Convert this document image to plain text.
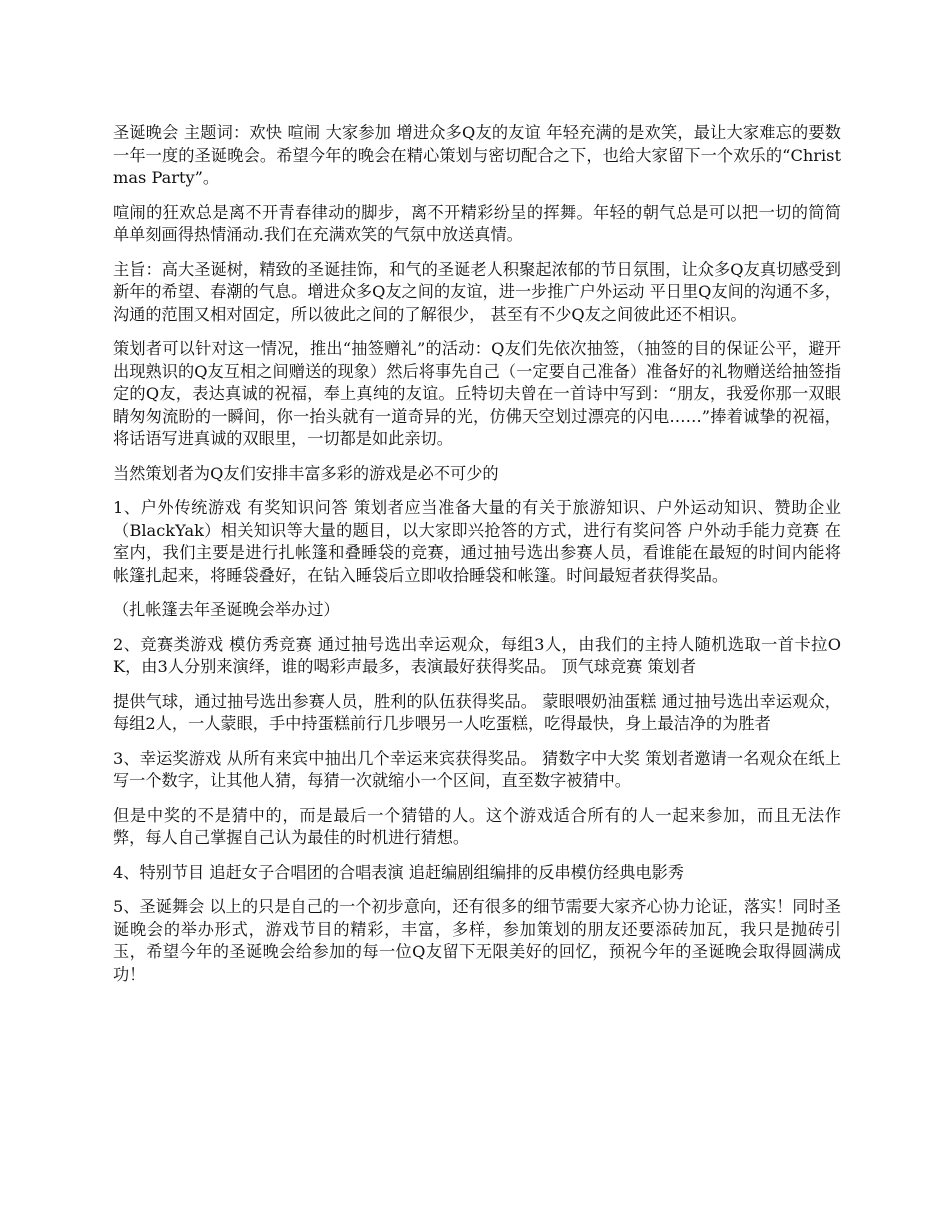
圣诞晚会 主题词：欢快 喧闹 大家参加 增进众多Q友的友谊 年轻充满的是欢笑，最让大家难忘的要数一年一度的圣诞晚会。希望今年的晚会在精心策划与密切配合之下，也给大家留下一个欢乐的“Christmas Party”。

喧闹的狂欢总是离不开青春律动的脚步，离不开精彩纷呈的挥舞。年轻的朝气总是可以把一切的简简单单刻画得热情涌动.我们在充满欢笑的气氛中放送真情。

主旨：高大圣诞树，精致的圣诞挂饰，和气的圣诞老人积聚起浓郁的节日氛围，让众多Q友真切感受到新年的希望、春潮的气息。增进众多Q友之间的友谊，进一步推广户外运动 平日里Q友间的沟通不多，沟通的范围又相对固定，所以彼此之间的了解很少， 甚至有不少Q友之间彼此还不相识。

策划者可以针对这一情况，推出“抽签赠礼”的活动：Q友们先依次抽签，（抽签的目的保证公平，避开出现熟识的Q友互相之间赠送的现象）然后将事先自己（一定要自己准备）准备好的礼物赠送给抽签指定的Q友，表达真诚的祝福，奉上真纯的友谊。丘特切夫曾在一首诗中写到：“朋友，我爱你那一双眼睛匆匆流盼的一瞬间，你一抬头就有一道奇异的光，仿佛天空划过漂亮的闪电……”捧着诚挚的祝福，将话语写进真诚的双眼里，一切都是如此亲切。

当然策划者为Q友们安排丰富多彩的游戏是必不可少的

1、户外传统游戏 有奖知识问答 策划者应当准备大量的有关于旅游知识、户外运动知识、赞助企业（BlackYak）相关知识等大量的题目，以大家即兴抢答的方式，进行有奖问答 户外动手能力竞赛 在室内，我们主要是进行扎帐篷和叠睡袋的竞赛，通过抽号选出参赛人员，看谁能在最短的时间内能将帐篷扎起来，将睡袋叠好，在钻入睡袋后立即收拾睡袋和帐篷。时间最短者获得奖品。

（扎帐篷去年圣诞晚会举办过）

2、竞赛类游戏 模仿秀竞赛 通过抽号选出幸运观众，每组3人，由我们的主持人随机选取一首卡拉OK，由3人分别来演绎，谁的喝彩声最多，表演最好获得奖品。 顶气球竞赛 策划者

提供气球，通过抽号选出参赛人员，胜利的队伍获得奖品。 蒙眼喂奶油蛋糕 通过抽号选出幸运观众，每组2人，一人蒙眼，手中持蛋糕前行几步喂另一人吃蛋糕，吃得最快，身上最洁净的为胜者

3、幸运奖游戏 从所有来宾中抽出几个幸运来宾获得奖品。 猜数字中大奖 策划者邀请一名观众在纸上写一个数字，让其他人猜，每猜一次就缩小一个区间，直至数字被猜中。

但是中奖的不是猜中的，而是最后一个猜错的人。这个游戏适合所有的人一起来参加，而且无法作弊，每人自己掌握自己认为最佳的时机进行猜想。

4、特别节目 追赶女子合唱团的合唱表演 追赶编剧组编排的反串模仿经典电影秀

5、圣诞舞会 以上的只是自己的一个初步意向，还有很多的细节需要大家齐心协力论证，落实！同时圣诞晚会的举办形式，游戏节目的精彩，丰富，多样，参加策划的朋友还要添砖加瓦，我只是抛砖引玉，希望今年的圣诞晚会给参加的每一位Q友留下无限美好的回忆，预祝今年的圣诞晚会取得圆满成功！
